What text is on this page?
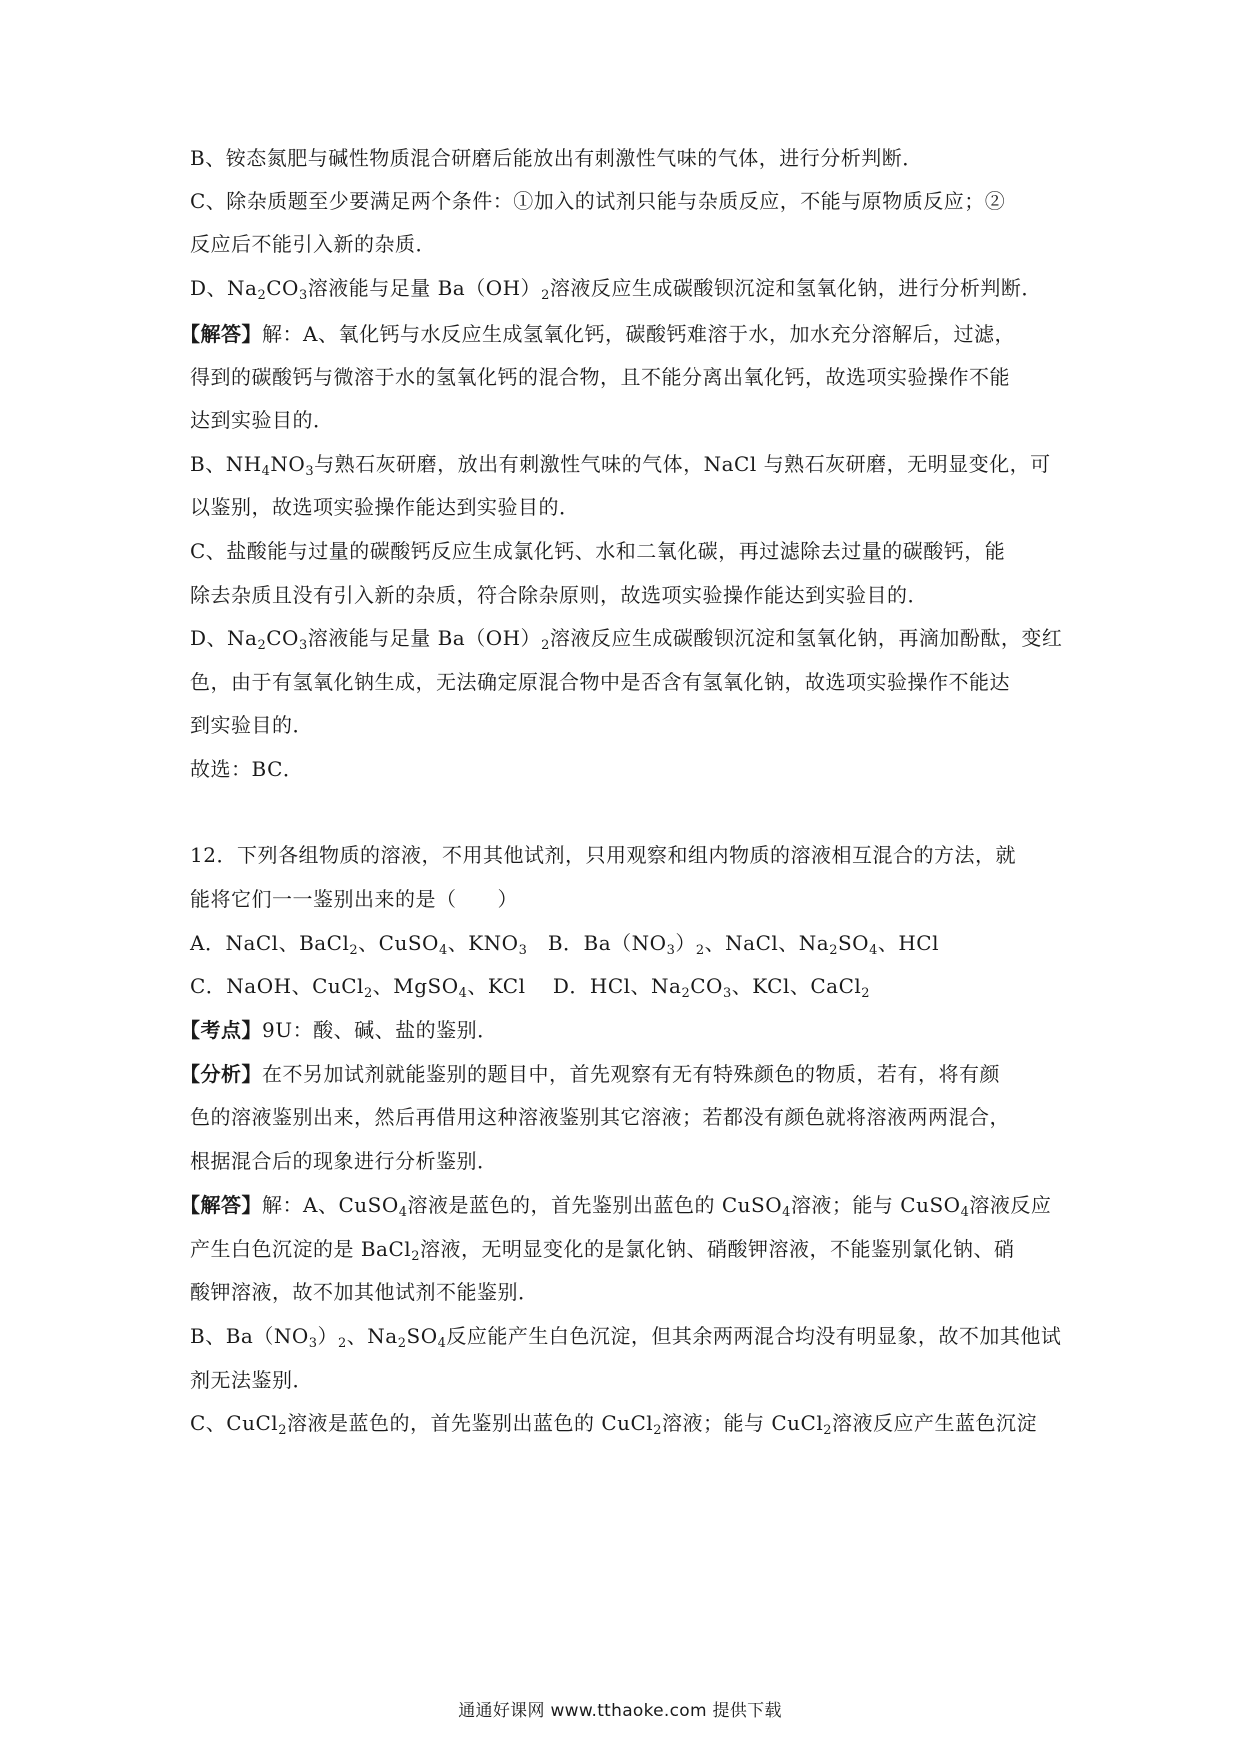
B、铵态氮肥与碱性物质混合研磨后能放出有刺激性气味的气体，进行分析判断．
C、除杂质题至少要满足两个条件：①加入的试剂只能与杂质反应，不能与原物质反应；②
反应后不能引入新的杂质．
D、$Na_2CO_3$溶液能与足量 $Ba(OH)_2$溶液反应生成碳酸钡沉淀和氢氧化钠，进行分析判断．
【解答】解：A、氧化钙与水反应生成氢氧化钙，碳酸钙难溶于水，加水充分溶解后，过滤，
得到的碳酸钙与微溶于水的氢氧化钙的混合物，且不能分离出氧化钙，故选项实验操作不能
达到实验目的．
B、$NH_4NO_3$与熟石灰研磨，放出有刺激性气味的气体，NaCl 与熟石灰研磨，无明显变化，可
以鉴别，故选项实验操作能达到实验目的．
C、盐酸能与过量的碳酸钙反应生成氯化钙、水和二氧化碳，再过滤除去过量的碳酸钙，能
除去杂质且没有引入新的杂质，符合除杂原则，故选项实验操作能达到实验目的．
D、$Na_2CO_3$溶液能与足量 $Ba(OH)_2$溶液反应生成碳酸钡沉淀和氢氧化钠，再滴加酚酞，变红
色，由于有氢氧化钠生成，无法确定原混合物中是否含有氢氧化钠，故选项实验操作不能达
到实验目的．
故选：BC．
12．下列各组物质的溶液，不用其他试剂，只用观察和组内物质的溶液相互混合的方法，就
能将它们一一鉴别出来的是（　　）
A．NaCl、BaCl$_2$、CuSO$_4$、$KNO_3$　B．$Ba(NO_3)_2$、NaCl、$Na_2SO_4$、HCl
C．NaOH、CuCl$_2$、MgSO$_4$、KCl　 D．HCl、$Na_2CO_3$、KCl、CaCl$_2$
【考点】9U：酸、碱、盐的鉴别．
【分析】在不另加试剂就能鉴别的题目中，首先观察有无有特殊颜色的物质，若有，将有颜
色的溶液鉴别出来，然后再借用这种溶液鉴别其它溶液；若都没有颜色就将溶液两两混合，
根据混合后的现象进行分析鉴别．
【解答】解：A、CuSO$_4$溶液是蓝色的，首先鉴别出蓝色的 CuSO$_4$溶液；能与 CuSO$_4$溶液反应
产生白色沉淀的是 BaCl$_2$溶液，无明显变化的是氯化钠、硝酸钾溶液，不能鉴别氯化钠、硝
酸钾溶液，故不加其他试剂不能鉴别．
B、$Ba(NO_3)_2$、$Na_2SO_4$反应能产生白色沉淀，但其余两两混合均没有明显象，故不加其他试
剂无法鉴别．
C、CuCl$_2$溶液是蓝色的，首先鉴别出蓝色的 CuCl$_2$溶液；能与 CuCl$_2$溶液反应产生蓝色沉淀
通通好课网 www.tthaoke.com 提供下载
